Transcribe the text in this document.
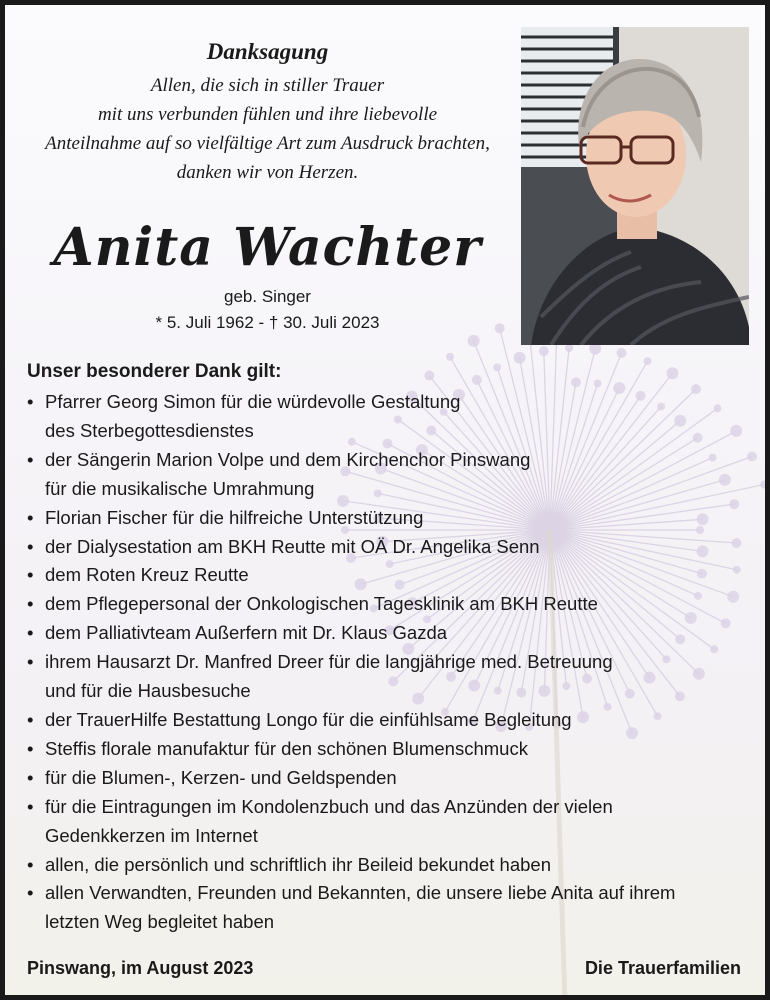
Danksagung
Allen, die sich in stiller Trauer
mit uns verbunden fühlen und ihre liebevolle
Anteilnahme auf so vielfältige Art zum Ausdruck brachten,
danken wir von Herzen.
Anita Wachter
geb. Singer
* 5. Juli 1962 - † 30. Juli 2023
Unser besonderer Dank gilt:
• Pfarrer Georg Simon für die würdevolle Gestaltung
des Sterbegottesdienstes
• der Sängerin Marion Volpe und dem Kirchenchor Pinswang
für die musikalische Umrahmung
• Florian Fischer für die hilfreiche Unterstützung
• der Dialysestation am BKH Reutte mit OÄ Dr. Angelika Senn
• dem Roten Kreuz Reutte
• dem Pflegepersonal der Onkologischen Tagesklinik am BKH Reutte
• dem Palliativteam Außerfern mit Dr. Klaus Gazda
• ihrem Hausarzt Dr. Manfred Dreer für die langjährige med. Betreuung
und für die Hausbesuche
• der TrauerHilfe Bestattung Longo für die einfühlsame Begleitung
• Steffis florale manufaktur für den schönen Blumenschmuck
• für die Blumen-, Kerzen- und Geldspenden
• für die Eintragungen im Kondolenzbuch und das Anzünden der vielen
Gedenkkerzen im Internet
• allen, die persönlich und schriftlich ihr Beileid bekundet haben
• allen Verwandten, Freunden und Bekannten, die unsere liebe Anita auf ihrem
letzten Weg begleitet haben
Pinswang, im August 2023	Die Trauerfamilien
